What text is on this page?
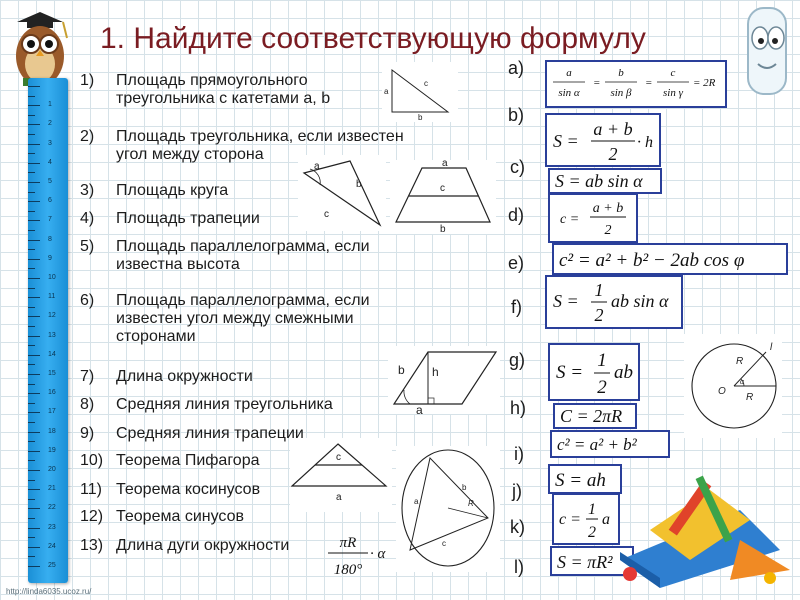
1. Найдите соответствующую формулу
1
2
3
4
5
6
7
8
9
10
11
12
13
14
15
16
17
18
19
20
21
22
23
24
25
1) Площадь прямоугольного
треугольника с катетами a, b
2) Площадь треугольника, если известен
угол между сторона
3) Площадь круга
4) Площадь трапеции
5) Площадь параллелограмма, если
известна высота
6) Площадь параллелограмма, если
известен угол между смежными
сторонами
7) Длина окружности
8) Средняя линия треугольника
9) Средняя линия трапеции
10) Теорема Пифагора
11) Теорема косинусов
12) Теорема синусов
13) Длина дуги окружности
a)
b)
c)
d)
e)
f)
g)
h)
i)
j)
k)
l)
a
sin α
=
b
sin β
=
c
sin γ
= 2R
S =
a + b
2
· h
S = ab sin α
c =
a + b
2
c² = a² + b² − 2ab cos φ
S =
1
2
ab sin α
S =
1
2
ab
C = 2πR
c² = a² + b²
S = ah
c =
1
2
a
S = πR²
πR
180°
· α
c
a
b
a
b
c
a
c
b
b h
a
c
a	a
b
c
R
R
R
O
α
l
http://linda6035.ucoz.ru/
